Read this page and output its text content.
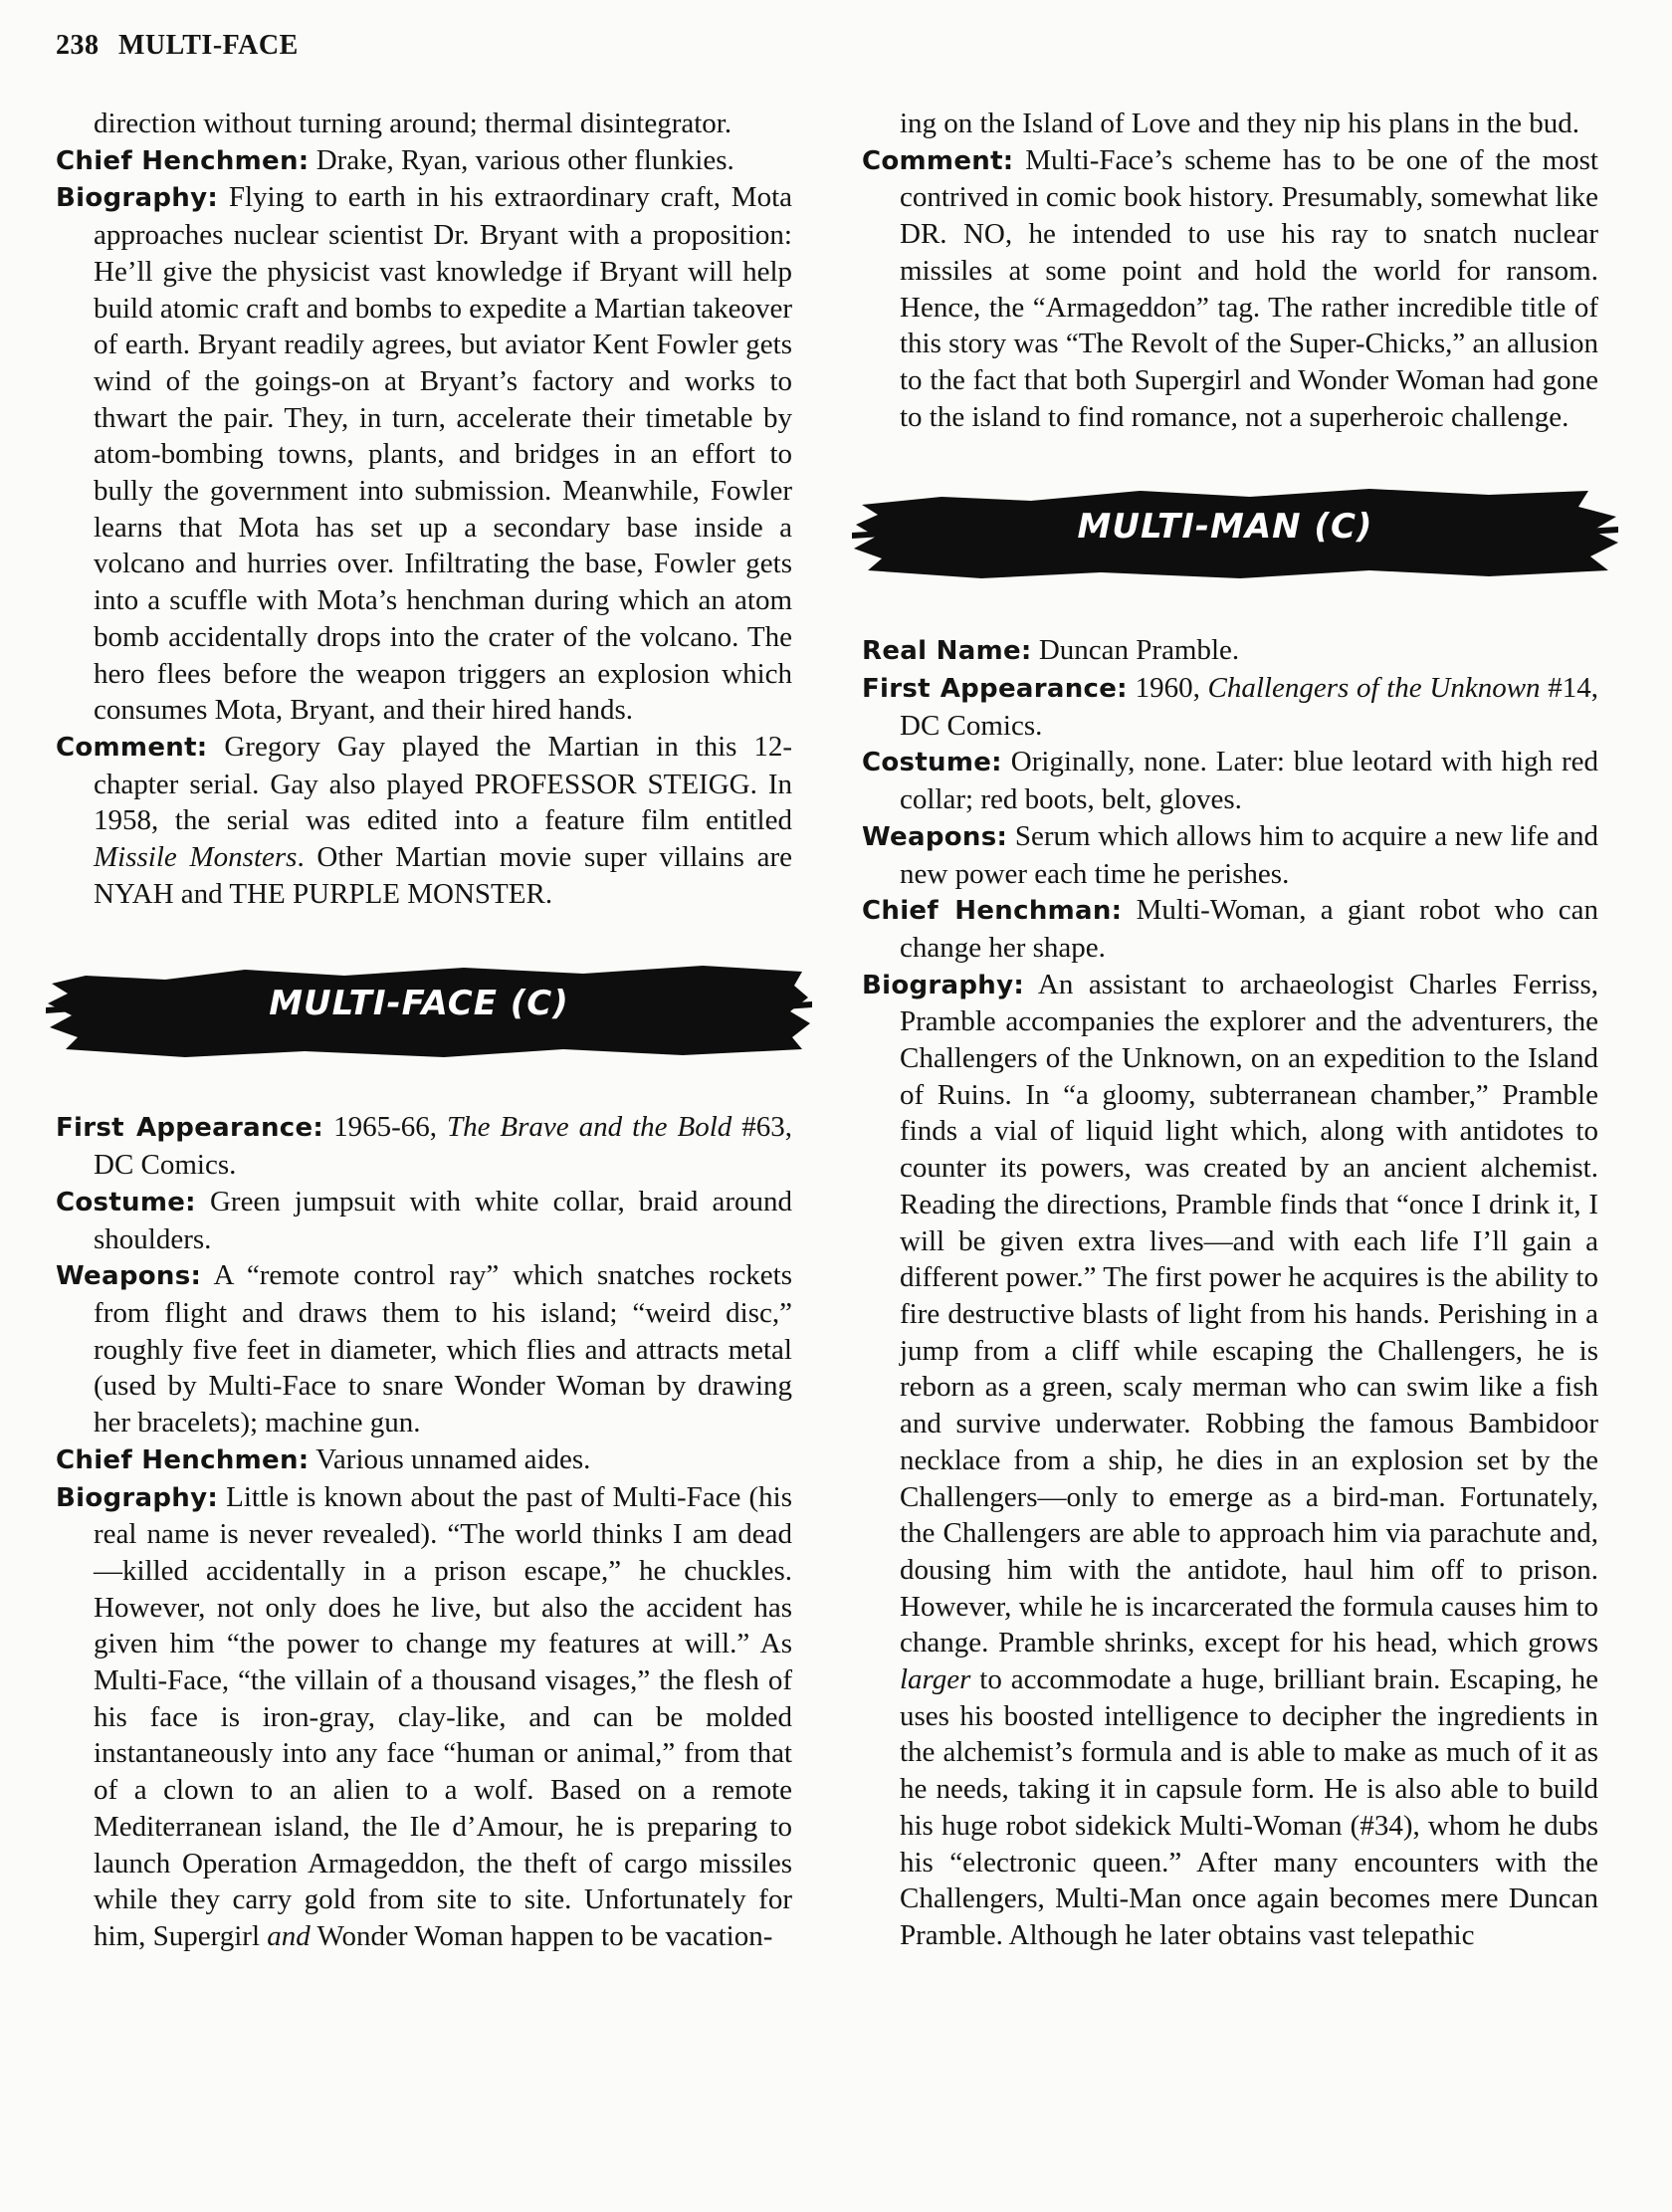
238 MULTI-FACE

direction without turning around; thermal disintegrator.

Chief Henchmen: Drake, Ryan, various other flunkies.

Biography: Flying to earth in his extraordinary craft, Mota approaches nuclear scientist Dr. Bryant with a proposition: He’ll give the physicist vast knowledge if Bryant will help build atomic craft and bombs to expedite a Martian takeover of earth. Bryant readily agrees, but aviator Kent Fowler gets wind of the goings-on at Bryant’s factory and works to thwart the pair. They, in turn, accelerate their timetable by atom-bombing towns, plants, and bridges in an effort to bully the government into submission. Meanwhile, Fowler learns that Mota has set up a secondary base inside a volcano and hurries over. Infiltrating the base, Fowler gets into a scuffle with Mota’s henchman during which an atom bomb accidentally drops into the crater of the volcano. The hero flees before the weapon triggers an explosion which consumes Mota, Bryant, and their hired hands.

Comment: Gregory Gay played the Martian in this 12-chapter serial. Gay also played PROFESSOR STEIGG. In 1958, the serial was edited into a feature film entitled Missile Monsters. Other Martian movie super villains are NYAH and THE PURPLE MONSTER.

MULTI-FACE (C)

First Appearance: 1965-66, The Brave and the Bold #63, DC Comics.

Costume: Green jumpsuit with white collar, braid around shoulders.

Weapons: A “remote control ray” which snatches rockets from flight and draws them to his island; “weird disc,” roughly five feet in diameter, which flies and attracts metal (used by Multi-Face to snare Wonder Woman by drawing her bracelets); machine gun.

Chief Henchmen: Various unnamed aides.

Biography: Little is known about the past of Multi-Face (his real name is never revealed). “The world thinks I am dead—killed accidentally in a prison escape,” he chuckles. However, not only does he live, but also the accident has given him “the power to change my features at will.” As Multi-Face, “the villain of a thousand visages,” the flesh of his face is iron-gray, clay-like, and can be molded instantaneously into any face “human or animal,” from that of a clown to an alien to a wolf. Based on a remote Mediterranean island, the Ile d’Amour, he is preparing to launch Operation Armageddon, the theft of cargo missiles while they carry gold from site to site. Unfortunately for him, Supergirl and Wonder Woman happen to be vacation-

ing on the Island of Love and they nip his plans in the bud.

Comment: Multi-Face’s scheme has to be one of the most contrived in comic book history. Presumably, somewhat like DR. NO, he intended to use his ray to snatch nuclear missiles at some point and hold the world for ransom. Hence, the “Armageddon” tag. The rather incredible title of this story was “The Revolt of the Super-Chicks,” an allusion to the fact that both Supergirl and Wonder Woman had gone to the island to find romance, not a superheroic challenge.

MULTI-MAN (C)

Real Name: Duncan Pramble.

First Appearance: 1960, Challengers of the Unknown #14, DC Comics.

Costume: Originally, none. Later: blue leotard with high red collar; red boots, belt, gloves.

Weapons: Serum which allows him to acquire a new life and new power each time he perishes.

Chief Henchman: Multi-Woman, a giant robot who can change her shape.

Biography: An assistant to archaeologist Charles Ferriss, Pramble accompanies the explorer and the adventurers, the Challengers of the Unknown, on an expedition to the Island of Ruins. In “a gloomy, subterranean chamber,” Pramble finds a vial of liquid light which, along with antidotes to counter its powers, was created by an ancient alchemist. Reading the directions, Pramble finds that “once I drink it, I will be given extra lives—and with each life I’ll gain a different power.” The first power he acquires is the ability to fire destructive blasts of light from his hands. Perishing in a jump from a cliff while escaping the Challengers, he is reborn as a green, scaly merman who can swim like a fish and survive underwater. Robbing the famous Bambidoor necklace from a ship, he dies in an explosion set by the Challengers—only to emerge as a bird-man. Fortunately, the Challengers are able to approach him via parachute and, dousing him with the antidote, haul him off to prison. However, while he is incarcerated the formula causes him to change. Pramble shrinks, except for his head, which grows larger to accommodate a huge, brilliant brain. Escaping, he uses his boosted intelligence to decipher the ingredients in the alchemist’s formula and is able to make as much of it as he needs, taking it in capsule form. He is also able to build his huge robot sidekick Multi-Woman (#34), whom he dubs his “electronic queen.” After many encounters with the Challengers, Multi-Man once again becomes mere Duncan Pramble. Although he later obtains vast telepathic
